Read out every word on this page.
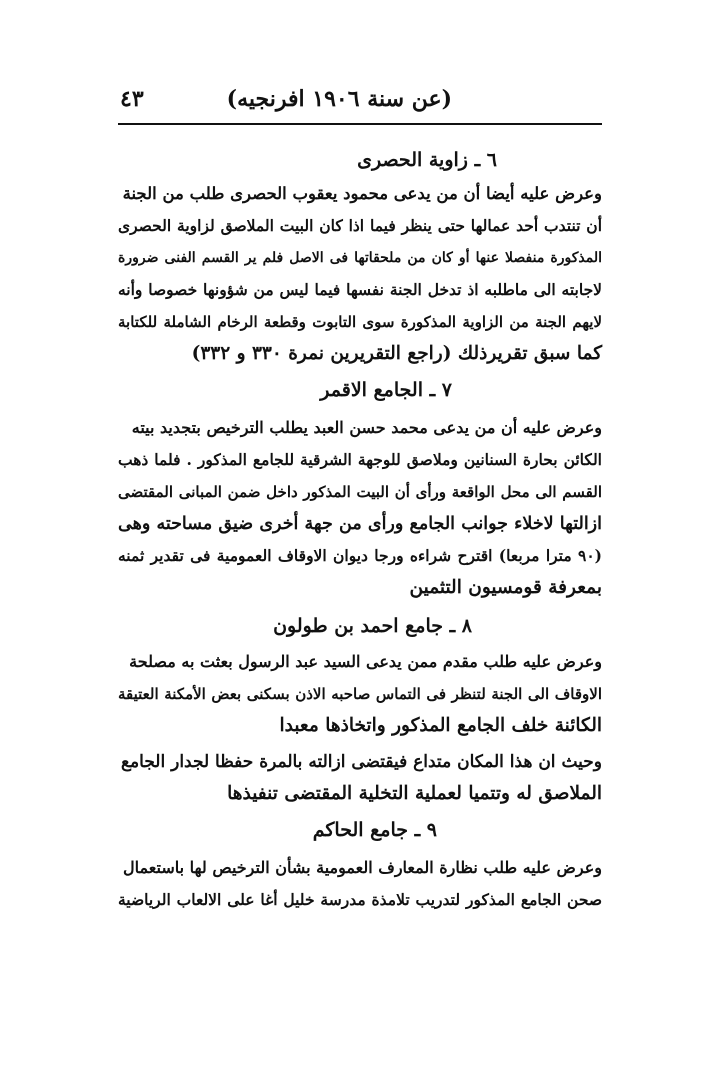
(عن سنة ١٩٠٦ افرنجيه)
٤٣
٦ ـ زاوية الحصرى
وعرض عليه أيضا أن من يدعى محمود يعقوب الحصرى طلب من الجنة
أن تنتدب أحد عمالها حتى ينظر فيما اذا كان البيت الملاصق لزاوية الحصرى
المذكورة منفصلا عنها أو كان من ملحقاتها فى الاصل فلم ير القسم الفنى ضرورة
لاجابته الى ماطلبه اذ تدخل الجنة نفسها فيما ليس من شؤونها خصوصا وأنه
لايهم الجنة من الزاوية المذكورة سوى التابوت وقطعة الرخام الشاملة للكتابة
كما سبق تقريرذلك (راجع التقريرين نمرة ٣٣٠ و ٣٣٢)
٧ ـ الجامع الاقمر
وعرض عليه أن من يدعى محمد حسن العبد يطلب الترخيص بتجديد بيته
الكائن بحارة السنانين وملاصق للوجهة الشرقية للجامع المذكور . فلما ذهب
القسم الى محل الواقعة ورأى أن البيت المذكور داخل ضمن المبانى المقتضى
ازالتها لاخلاء جوانب الجامع ورأى من جهة أخرى ضيق مساحته وهى
(٩٠ مترا مربعا) اقترح شراءه ورجا ديوان الاوقاف العمومية فى تقدير ثمنه
بمعرفة قومسيون التثمين
٨ ـ جامع احمد بن طولون
وعرض عليه طلب مقدم ممن يدعى السيد عبد الرسول بعثت به مصلحة
الاوقاف الى الجنة لتنظر فى التماس صاحبه الاذن بسكنى بعض الأمكنة العتيقة
الكائنة خلف الجامع المذكور واتخاذها معبدا
وحيث ان هذا المكان متداع فيقتضى ازالته بالمرة حفظا لجدار الجامع
الملاصق له وتتميا لعملية التخلية المقتضى تنفيذها
٩ ـ جامع الحاكم
وعرض عليه طلب نظارة المعارف العمومية بشأن الترخيص لها باستعمال
صحن الجامع المذكور لتدريب تلامذة مدرسة خليل أغا على الالعاب الرياضية
